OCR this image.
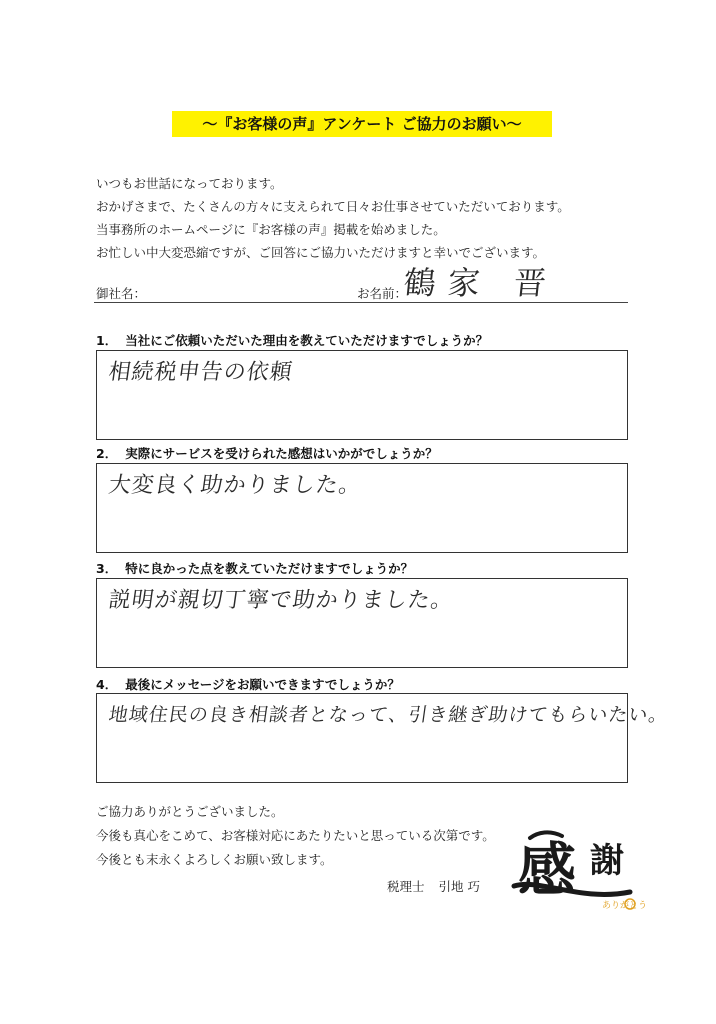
〜『お客様の声』アンケート ご協力のお願い〜
いつもお世話になっております。
おかげさまで、たくさんの方々に支えられて日々お仕事させていただいております。
当事務所のホームページに『お客様の声』掲載を始めました。
お忙しい中大変恐縮ですが、ご回答にご協力いただけますと幸いでございます。
御社名：	お名前：
鶴家 晋
1． 当社にご依頼いただいた理由を教えていただけますでしょうか？
相続税申告の依頼
2． 実際にサービスを受けられた感想はいかがでしょうか？
大変良く助かりました。
3． 特に良かった点を教えていただけますでしょうか？
説明が親切丁寧で助かりました。
4． 最後にメッセージをお願いできますでしょうか？
地域住民の良き相談者となって、引き継ぎ助けてもらいたい。
ご協力ありがとうございました。
今後も真心をこめて、お客様対応にあたりたいと思っている次第です。
今後とも末永くよろしくお願い致します。
税理士 引地 巧 感 謝
ありがとう
